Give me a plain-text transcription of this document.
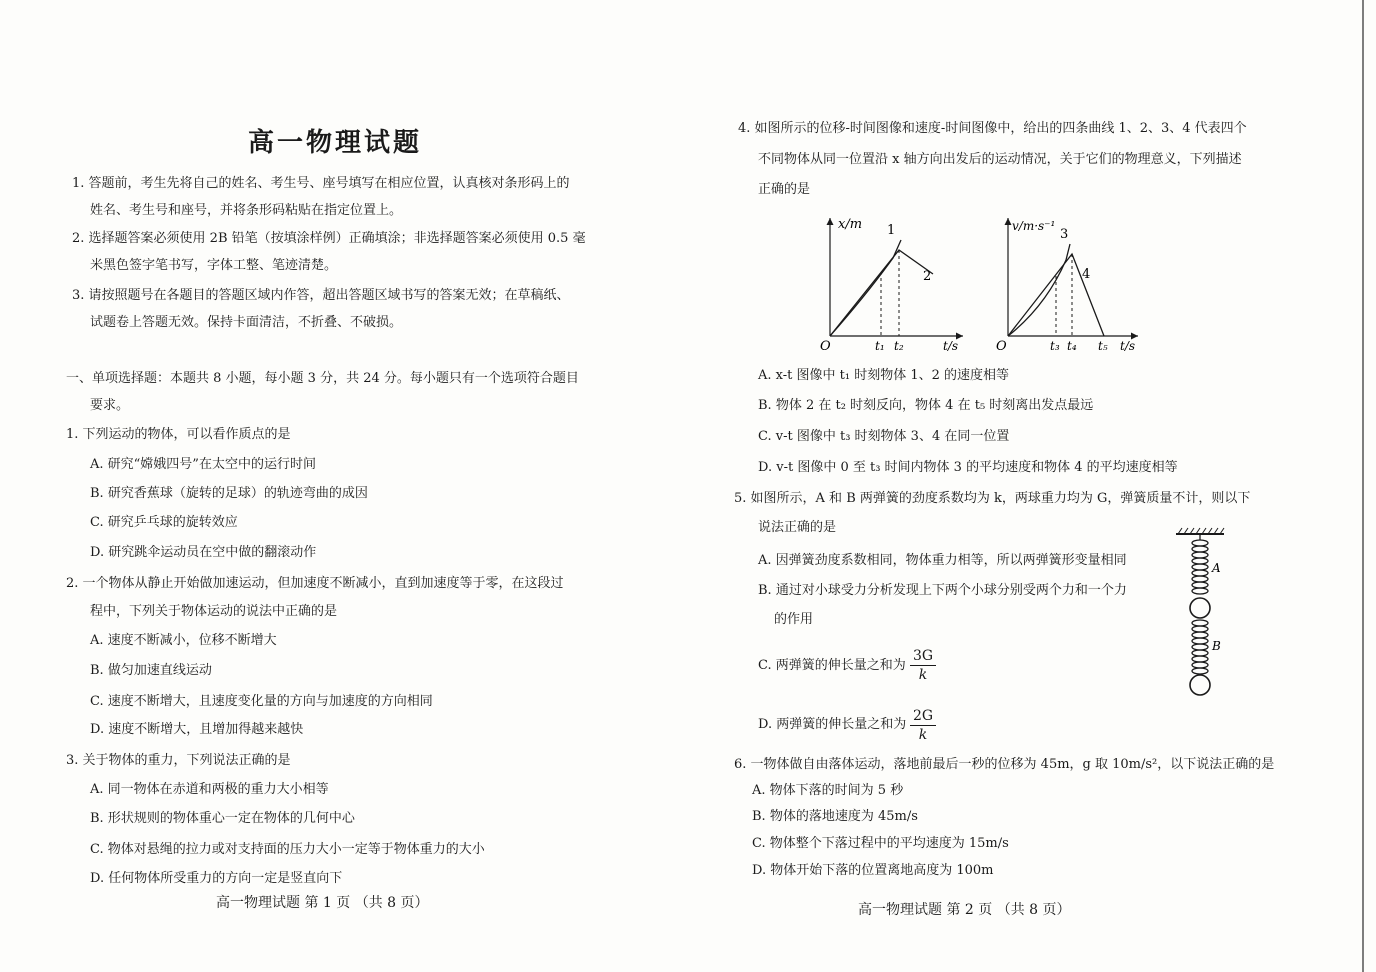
高一物理试题
1. 答题前，考生先将自己的姓名、考生号、座号填写在相应位置，认真核对条形码上的
姓名、考生号和座号，并将条形码粘贴在指定位置上。
2. 选择题答案必须使用 2B 铅笔（按填涂样例）正确填涂；非选择题答案必须使用 0.5 毫
米黑色签字笔书写，字体工整、笔迹清楚。
3. 请按照题号在各题目的答题区域内作答，超出答题区域书写的答案无效；在草稿纸、
试题卷上答题无效。保持卡面清洁，不折叠、不破损。
一、单项选择题：本题共 8 小题，每小题 3 分，共 24 分。每小题只有一个选项符合题目
要求。
1. 下列运动的物体，可以看作质点的是
A. 研究“嫦娥四号”在太空中的运行时间
B. 研究香蕉球（旋转的足球）的轨迹弯曲的成因
C. 研究乒乓球的旋转效应
D. 研究跳伞运动员在空中做的翻滚动作
2. 一个物体从静止开始做加速运动，但加速度不断减小，直到加速度等于零，在这段过
程中，下列关于物体运动的说法中正确的是
A. 速度不断减小，位移不断增大
B. 做匀加速直线运动
C. 速度不断增大，且速度变化量的方向与加速度的方向相同
D. 速度不断增大，且增加得越来越快
3. 关于物体的重力，下列说法正确的是
A. 同一物体在赤道和两极的重力大小相等
B. 形状规则的物体重心一定在物体的几何中心
C. 物体对悬绳的拉力或对支持面的压力大小一定等于物体重力的大小
D. 任何物体所受重力的方向一定是竖直向下
高一物理试题 第 1 页 （共 8 页）
4. 如图所示的位移-时间图像和速度-时间图像中，给出的四条曲线 1、2、3、4 代表四个
不同物体从同一位置沿 x 轴方向出发后的运动情况，关于它们的物理意义，下列描述
正确的是
x/m 1
2
O	t₁ t₂	t/s
v/m·s⁻¹
3
4
O	t₃ t₄ t₅ t/s
A. x-t 图像中 t₁ 时刻物体 1、2 的速度相等
B. 物体 2 在 t₂ 时刻反向，物体 4 在 t₅ 时刻离出发点最远
C. v-t 图像中 t₃ 时刻物体 3、4 在同一位置
D. v-t 图像中 0 至 t₃ 时间内物体 3 的平均速度和物体 4 的平均速度相等
5. 如图所示，A 和 B 两弹簧的劲度系数均为 k，两球重力均为 G，弹簧质量不计，则以下
说法正确的是
A. 因弹簧劲度系数相同，物体重力相等，所以两弹簧形变量相同
B. 通过对小球受力分析发现上下两个小球分别受两个力和一个力
的作用
C. 两弹簧的伸长量之和为
3G
k
D. 两弹簧的伸长量之和为
2G
k
A
B
6. 一物体做自由落体运动，落地前最后一秒的位移为 45m，g 取 10m/s²，以下说法正确的是
A. 物体下落的时间为 5 秒
B. 物体的落地速度为 45m/s
C. 物体整个下落过程中的平均速度为 15m/s
D. 物体开始下落的位置离地高度为 100m
高一物理试题 第 2 页 （共 8 页）
